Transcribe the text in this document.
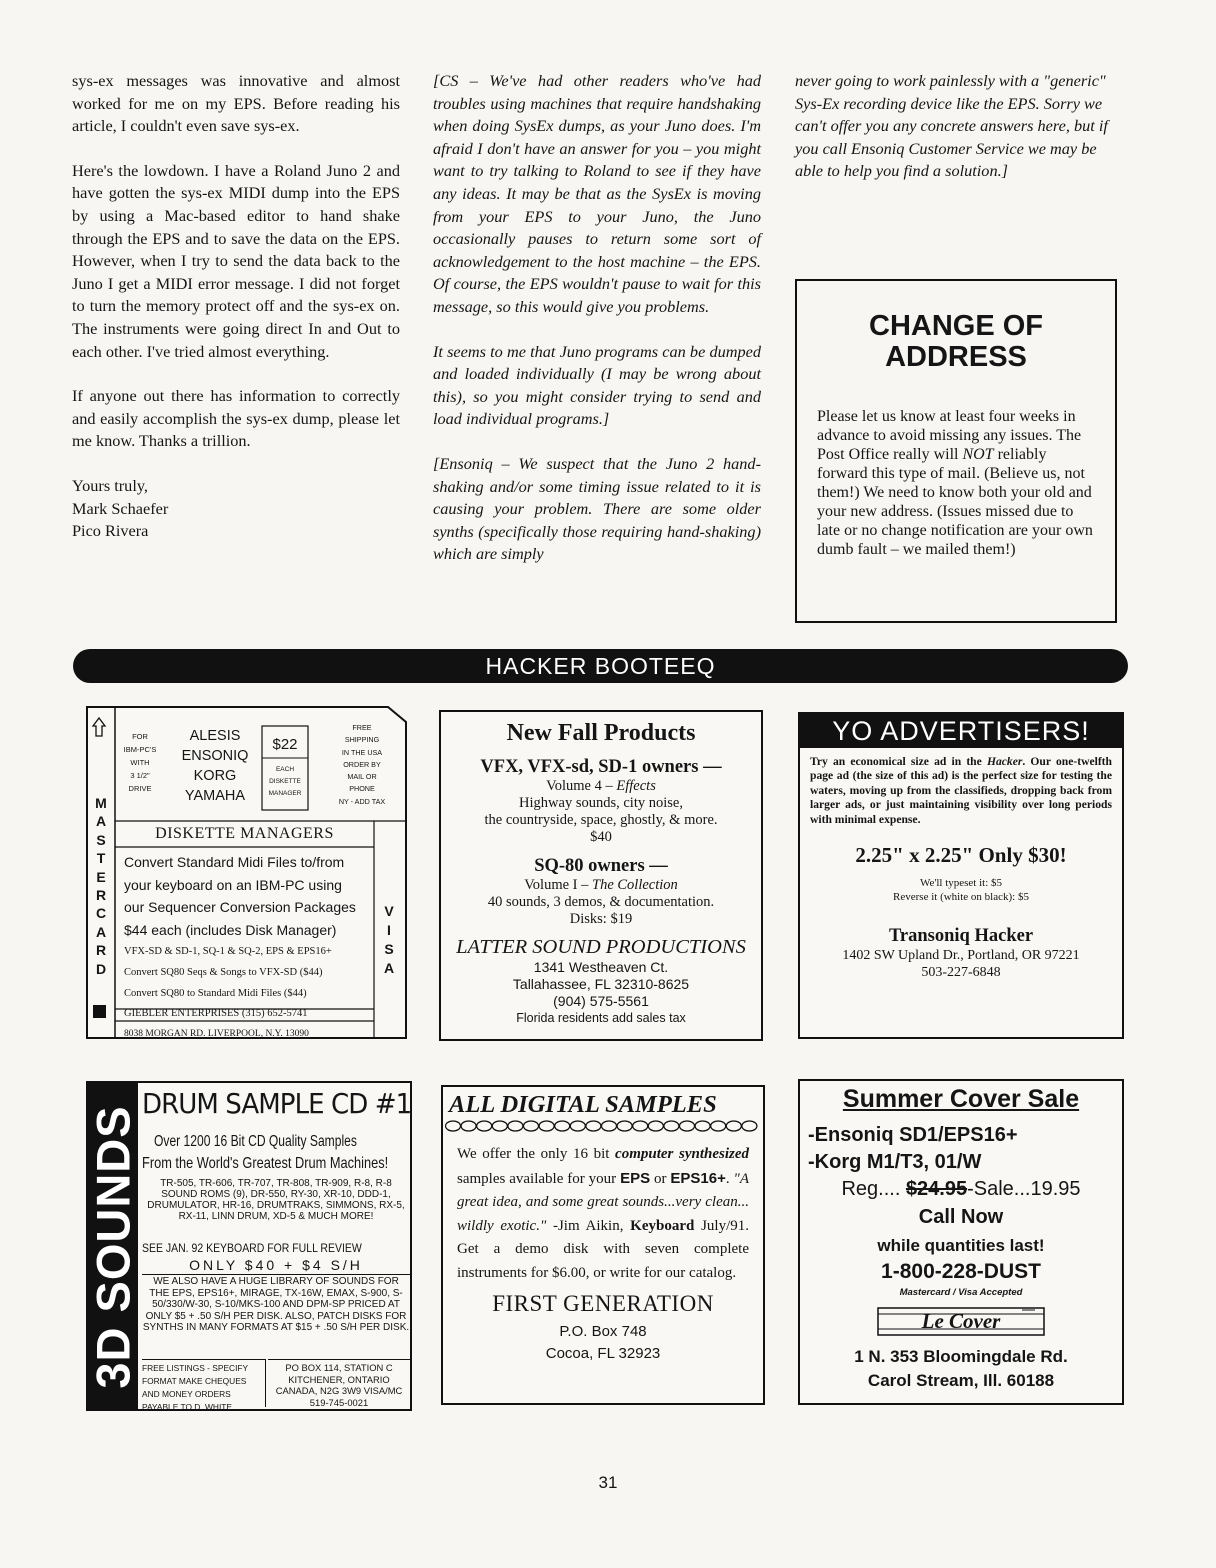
sys-ex messages was innovative and almost worked for me on my EPS. Before reading his article, I couldn't even save sys-ex.

Here's the lowdown. I have a Roland Juno 2 and have gotten the sys-ex MIDI dump into the EPS by using a Mac-based editor to hand shake through the EPS and to save the data on the EPS. However, when I try to send the data back to the Juno I get a MIDI error message. I did not forget to turn the memory protect off and the sys-ex on. The instruments were going direct In and Out to each other. I've tried almost everything.

If anyone out there has information to correctly and easily accomplish the sys-ex dump, please let me know. Thanks a trillion.

Yours truly,
Mark Schaefer
Pico Rivera

[CS – We've had other readers who've had troubles using machines that require handshaking when doing SysEx dumps, as your Juno does. I'm afraid I don't have an answer for you – you might want to try talking to Roland to see if they have any ideas. It may be that as the SysEx is moving from your EPS to your Juno, the Juno occasionally pauses to return some sort of acknowledgement to the host machine – the EPS. Of course, the EPS wouldn't pause to wait for this message, so this would give you problems.

It seems to me that Juno programs can be dumped and loaded individually (I may be wrong about this), so you might consider trying to send and load individual programs.]

[Ensoniq – We suspect that the Juno 2 hand-shaking and/or some timing issue related to it is causing your problem. There are some older synths (specifically those requiring hand-shaking) which are simply

never going to work painlessly with a "generic" Sys-Ex recording device like the EPS. Sorry we can't offer you any concrete answers here, but if you call Ensoniq Customer Service we may be able to help you find a solution.]

CHANGE OF
ADDRESS
Please let us know at least four weeks in advance to avoid missing any issues. The Post Office really will NOT reliably forward this type of mail. (Believe us, not them!) We need to know both your old and your new address. (Issues missed due to late or no change notification are your own dumb fault – we mailed them!)
HACKER BOOTEEQ
M
A
S
T
E
R
C
A
R
D
V
I
S
A
FOR
IBM-PC'S
WITH
3 1/2"
DRIVE
ALESIS
ENSONIQ
KORG
YAMAHA
$22
EACH
DISKETTE
MANAGER
FREE
SHIPPING
IN THE USA
ORDER BY
MAIL OR
PHONE
NY - ADD TAX
DISKETTE MANAGERS
Convert Standard Midi Files to/from
your keyboard on an IBM-PC using
our Sequencer Conversion Packages
$44 each (includes Disk Manager)
VFX-SD & SD-1, SQ-1 & SQ-2, EPS & EPS16+
Convert SQ80 Seqs & Songs to VFX-SD ($44)
Convert SQ80 to Standard Midi Files ($44)
GIEBLER ENTERPRISES (315) 652-5741
8038 MORGAN RD. LIVERPOOL, N.Y. 13090
New Fall Products
VFX, VFX-sd, SD-1 owners —
Volume 4 – Effects
Highway sounds, city noise,
the countryside, space, ghostly, & more.
$40
SQ-80 owners —
Volume I – The Collection
40 sounds, 3 demos, & documentation.
Disks: $19
LATTER SOUND PRODUCTIONS
1341 Westheaven Ct.
Tallahassee, FL 32310-8625
(904) 575-5561
Florida residents add sales tax
YO ADVERTISERS!
Try an economical size ad in the Hacker. Our one-twelfth page ad (the size of this ad) is the perfect size for testing the waters, moving up from the classifieds, dropping back from larger ads, or just maintaining visibility over long periods with minimal expense.
2.25" x 2.25" Only $30!
We'll typeset it: $5
Reverse it (white on black): $5
Transoniq Hacker
1402 SW Upland Dr., Portland, OR 97221
503-227-6848
3D SOUNDS
DRUM SAMPLE CD #1
Over 1200 16 Bit CD Quality Samples
From the World's Greatest Drum Machines!
TR-505, TR-606, TR-707, TR-808, TR-909, R-8, R-8 SOUND ROMS (9), DR-550, RY-30, XR-10, DDD-1, DRUMULATOR, HR-16, DRUMTRAKS, SIMMONS, RX-5, RX-11, LINN DRUM, XD-5 & MUCH MORE!
SEE JAN. 92 KEYBOARD FOR FULL REVIEW
ONLY $40 + $4 S/H
WE ALSO HAVE A HUGE LIBRARY OF SOUNDS FOR THE EPS, EPS16+, MIRAGE, TX-16W, EMAX, S-900, S-50/330/W-30, S-10/MKS-100 AND DPM-SP PRICED AT ONLY $5 + .50 S/H PER DISK. ALSO, PATCH DISKS FOR SYNTHS IN MANY FORMATS AT $15 + .50 S/H PER DISK.
FREE LISTINGS - SPECIFY FORMAT MAKE CHEQUES AND MONEY ORDERS PAYABLE TO D. WHITE
PO BOX 114, STATION C KITCHENER, ONTARIO CANADA, N2G 3W9 VISA/MC 519-745-0021
ALL DIGITAL SAMPLES
We offer the only 16 bit computer synthesized samples available for your EPS or EPS16+. "A great idea, and some great sounds...very clean... wildly exotic." -Jim Aikin, Keyboard July/91. Get a demo disk with seven complete instruments for $6.00, or write for our catalog.
FIRST GENERATION
P.O. Box 748
Cocoa, FL 32923
Summer Cover Sale
-Ensoniq SD1/EPS16+
-Korg M1/T3, 01/W
Reg.... $24.95-Sale...19.95
Call Now
while quantities last!
1-800-228-DUST
Mastercard / Visa Accepted
Le Cover
1 N. 353 Bloomingdale Rd.
Carol Stream, Ill. 60188
31
